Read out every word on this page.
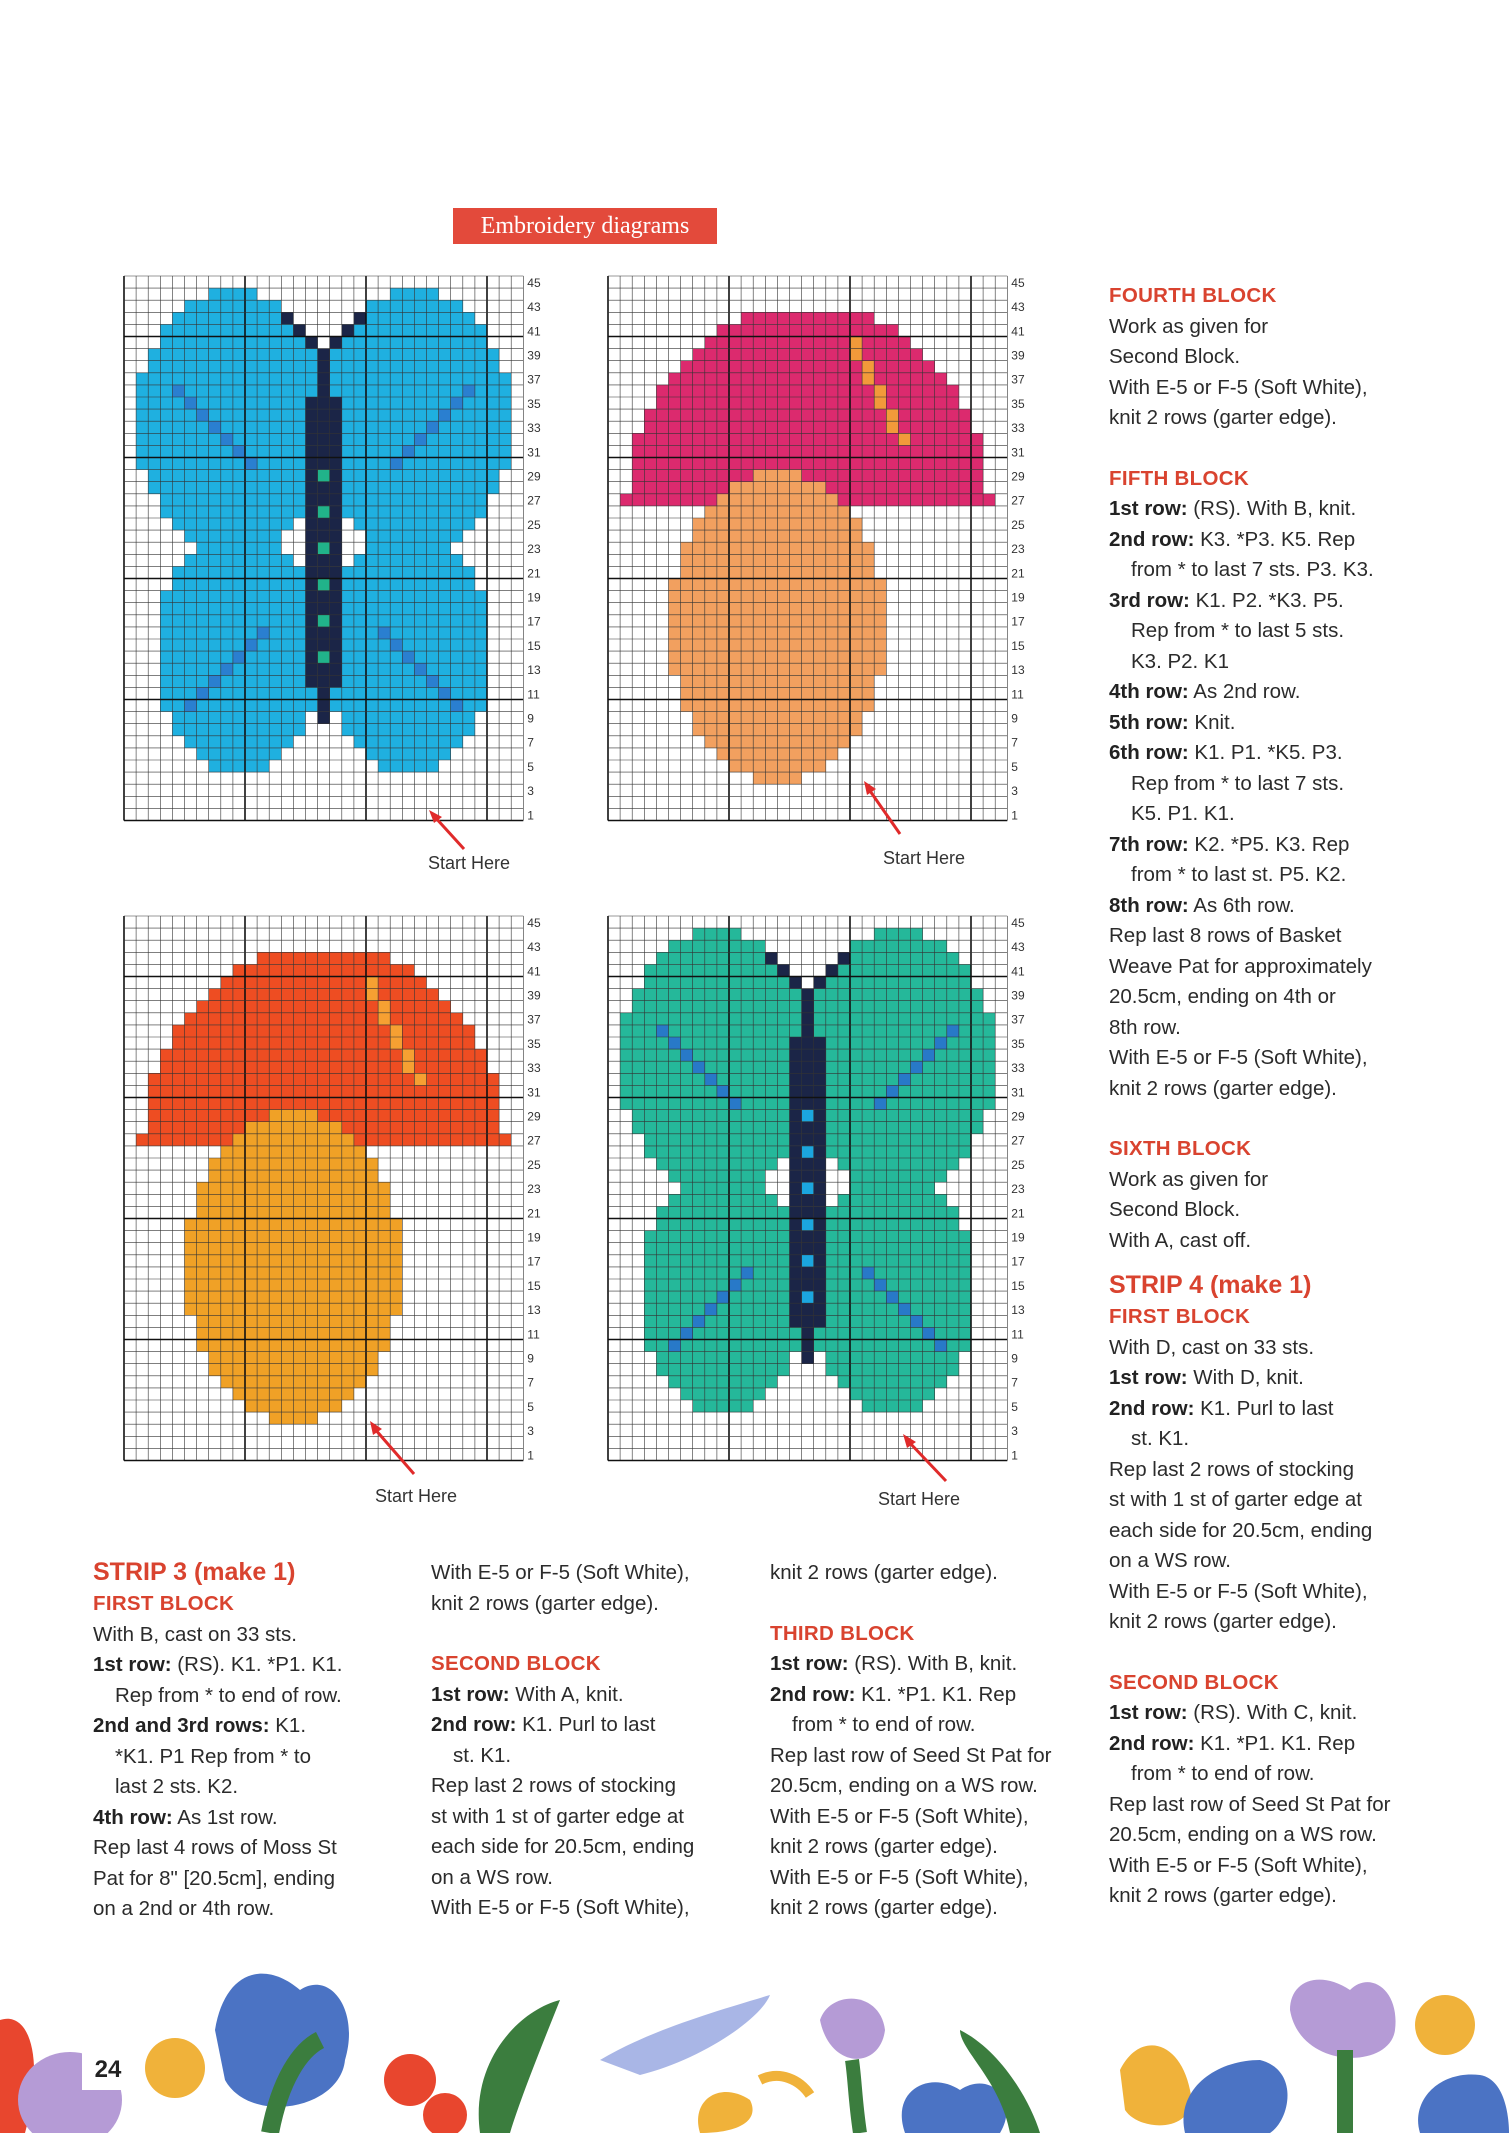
Embroidery diagrams
45
43
41
39
37
35
33
31
29
27
25
23
21
19
17
15
13
11
9
7
5
3
1
Start Here
45
43
41
39
37
35
33
31
29
27
25
23
21
19
17
15
13
11
9
7
5
3
1
Start Here
45
43
41
39
37
35
33
31
29
27
25
23
21
19
17
15
13
11
9
7
5
3
1
Start Here
45
43
41
39
37
35
33
31
29
27
25
23
21
19
17
15
13
11
9
7
5
3
1
Start Here

STRIP 3 (make 1)

FIRST BLOCK

With B, cast on 33 sts.

1st row: (RS). K1. *P1. K1.

Rep from * to end of row.

2nd and 3rd rows: K1.

*K1. P1 Rep from * to

last 2 sts. K2.

4th row: As 1st row.

Rep last 4 rows of Moss St

Pat for 8" [20.5cm], ending

on a 2nd or 4th row.

With E-5 or F-5 (Soft White),

knit 2 rows (garter edge).

SECOND BLOCK

1st row: With A, knit.

2nd row: K1. Purl to last

st. K1.

Rep last 2 rows of stocking

st with 1 st of garter edge at

each side for 20.5cm, ending

on a WS row.

With E-5 or F-5 (Soft White),

knit 2 rows (garter edge).

THIRD BLOCK

1st row: (RS). With B, knit.

2nd row: K1. *P1. K1. Rep

from * to end of row.

Rep last row of Seed St Pat for

20.5cm, ending on a WS row.

With E-5 or F-5 (Soft White),

knit 2 rows (garter edge).

With E-5 or F-5 (Soft White),

knit 2 rows (garter edge).

FOURTH BLOCK

Work as given for

Second Block.

With E-5 or F-5 (Soft White),

knit 2 rows (garter edge).

FIFTH BLOCK

1st row: (RS). With B, knit.

2nd row: K3. *P3. K5. Rep

from * to last 7 sts. P3. K3.

3rd row: K1. P2. *K3. P5.

Rep from * to last 5 sts.

K3. P2. K1

4th row: As 2nd row.

5th row: Knit.

6th row: K1. P1. *K5. P3.

Rep from * to last 7 sts.

K5. P1. K1.

7th row: K2. *P5. K3. Rep

from * to last st. P5. K2.

8th row: As 6th row.

Rep last 8 rows of Basket

Weave Pat for approximately

20.5cm, ending on 4th or

8th row.

With E-5 or F-5 (Soft White),

knit 2 rows (garter edge).

SIXTH BLOCK

Work as given for

Second Block.

With A, cast off.

STRIP 4 (make 1)

FIRST BLOCK

With D, cast on 33 sts.

1st row: With D, knit.

2nd row: K1. Purl to last

st. K1.

Rep last 2 rows of stocking

st with 1 st of garter edge at

each side for 20.5cm, ending

on a WS row.

With E-5 or F-5 (Soft White),

knit 2 rows (garter edge).

SECOND BLOCK

1st row: (RS). With C, knit.

2nd row: K1. *P1. K1. Rep

from * to end of row.

Rep last row of Seed St Pat for

20.5cm, ending on a WS row.

With E-5 or F-5 (Soft White),

knit 2 rows (garter edge).

24
